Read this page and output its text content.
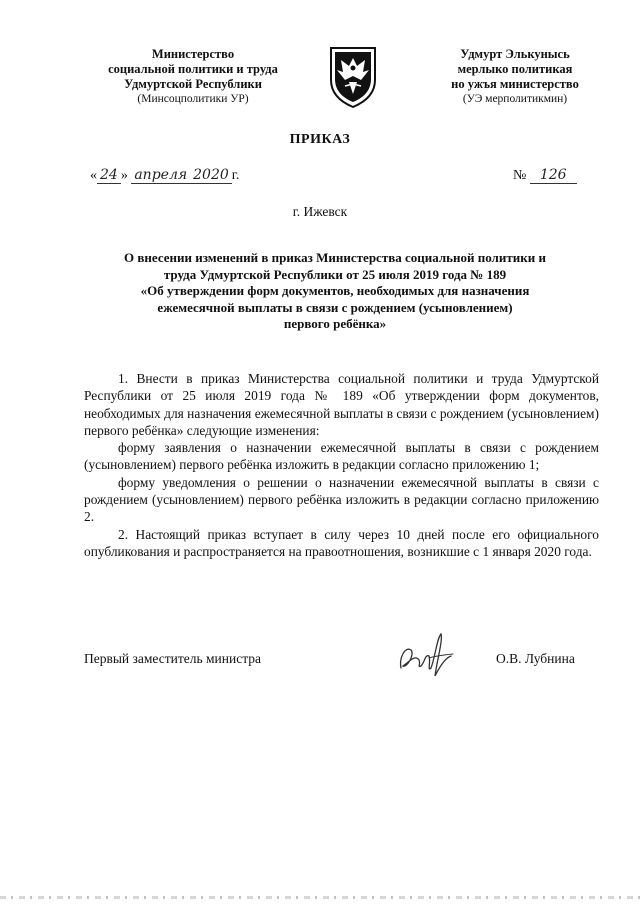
Министерство
социальной политики и труда
Удмуртской Республики
(Минсоцполитики УР)
Удмурт Элькунысь
мерлыко политикая
но ужъя министерство
(УЭ мерполитикмин)
ПРИКАЗ
« 24 » апреля 2020 г.	№ 126
г. Ижевск
О внесении изменений в приказ Министерства социальной политики и
труда Удмуртской Республики от 25 июля 2019 года № 189
«Об утверждении форм документов, необходимых для назначения
ежемесячной выплаты в связи с рождением (усыновлением)
первого ребёнка»

1. Внести в приказ Министерства социальной политики и труда Удмуртской Республики от 25 июля 2019 года № 189 «Об утверждении форм документов, необходимых для назначения ежемесячной выплаты в связи с рождением (усыновлением) первого ребёнка» следующие изменения:

форму заявления о назначении ежемесячной выплаты в связи с рождением (усыновлением) первого ребёнка изложить в редакции согласно приложению 1;

форму уведомления о решении о назначении ежемесячной выплаты в связи с рождением (усыновлением) первого ребёнка изложить в редакции согласно приложению 2.

2. Настоящий приказ вступает в силу через 10 дней после его официального опубликования и распространяется на правоотношения, возникшие с 1 января 2020 года.

Первый заместитель министра	О.В. Лубнина
